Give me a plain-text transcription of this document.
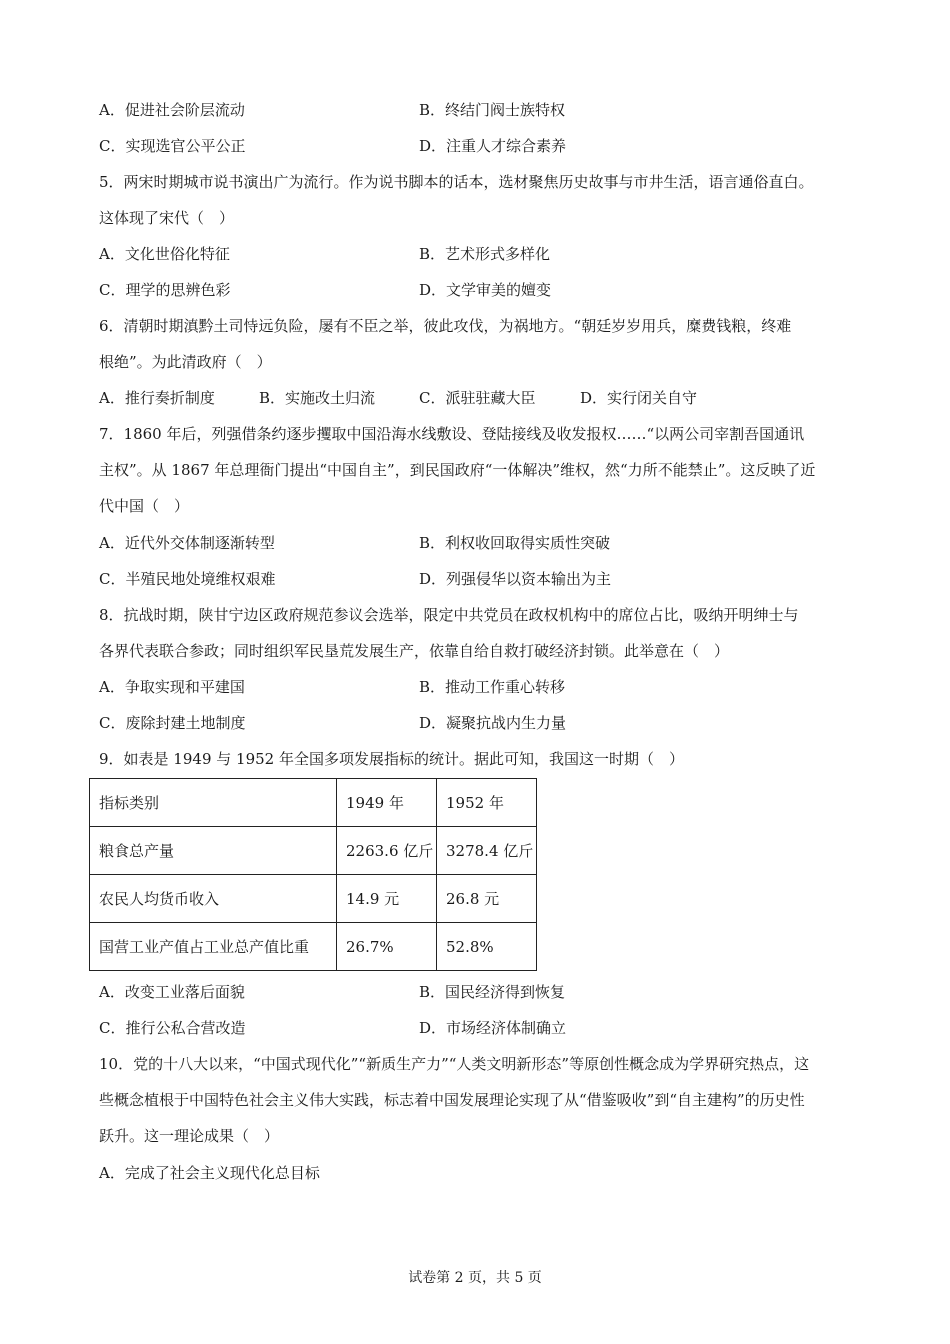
A．促进社会阶层流动	B．终结门阀士族特权
C．实现选官公平公正	D．注重人才综合素养
5．两宋时期城市说书演出广为流行。作为说书脚本的话本，选材聚焦历史故事与市井生活，语言通俗直白。
这体现了宋代（　）
A．文化世俗化特征	B．艺术形式多样化
C．理学的思辨色彩	D．文学审美的嬗变
6．清朝时期滇黔土司恃远负险，屡有不臣之举，彼此攻伐，为祸地方。“朝廷岁岁用兵，糜费钱粮，终难
根绝”。为此清政府（　）
A．推行奏折制度	B．实施改土归流	C．派驻驻藏大臣	D．实行闭关自守
7．1860 年后，列强借条约逐步攫取中国沿海水线敷设、登陆接线及收发报权……“以两公司宰割吾国通讯
主权”。从 1867 年总理衙门提出“中国自主”，到民国政府“一体解决”维权，然“力所不能禁止”。这反映了近
代中国（　）
A．近代外交体制逐渐转型	B．利权收回取得实质性突破
C．半殖民地处境维权艰难	D．列强侵华以资本输出为主
8．抗战时期，陕甘宁边区政府规范参议会选举，限定中共党员在政权机构中的席位占比，吸纳开明绅士与
各界代表联合参政；同时组织军民垦荒发展生产，依靠自给自救打破经济封锁。此举意在（　）
A．争取实现和平建国	B．推动工作重心转移
C．废除封建土地制度	D．凝聚抗战内生力量
9．如表是 1949 与 1952 年全国多项发展指标的统计。据此可知，我国这一时期（　）
指标类别	1949 年	1952 年
粮食总产量	2263.6 亿斤	3278.4 亿斤
农民人均货币收入	14.9 元	26.8 元
国营工业产值占工业总产值比重	26.7%	52.8%
A．改变工业落后面貌	B．国民经济得到恢复
C．推行公私合营改造	D．市场经济体制确立
10．党的十八大以来，“中国式现代化”“新质生产力”“人类文明新形态”等原创性概念成为学界研究热点，这
些概念植根于中国特色社会主义伟大实践，标志着中国发展理论实现了从“借鉴吸收”到“自主建构”的历史性
跃升。这一理论成果（　）
A．完成了社会主义现代化总目标
试卷第 2 页，共 5 页
